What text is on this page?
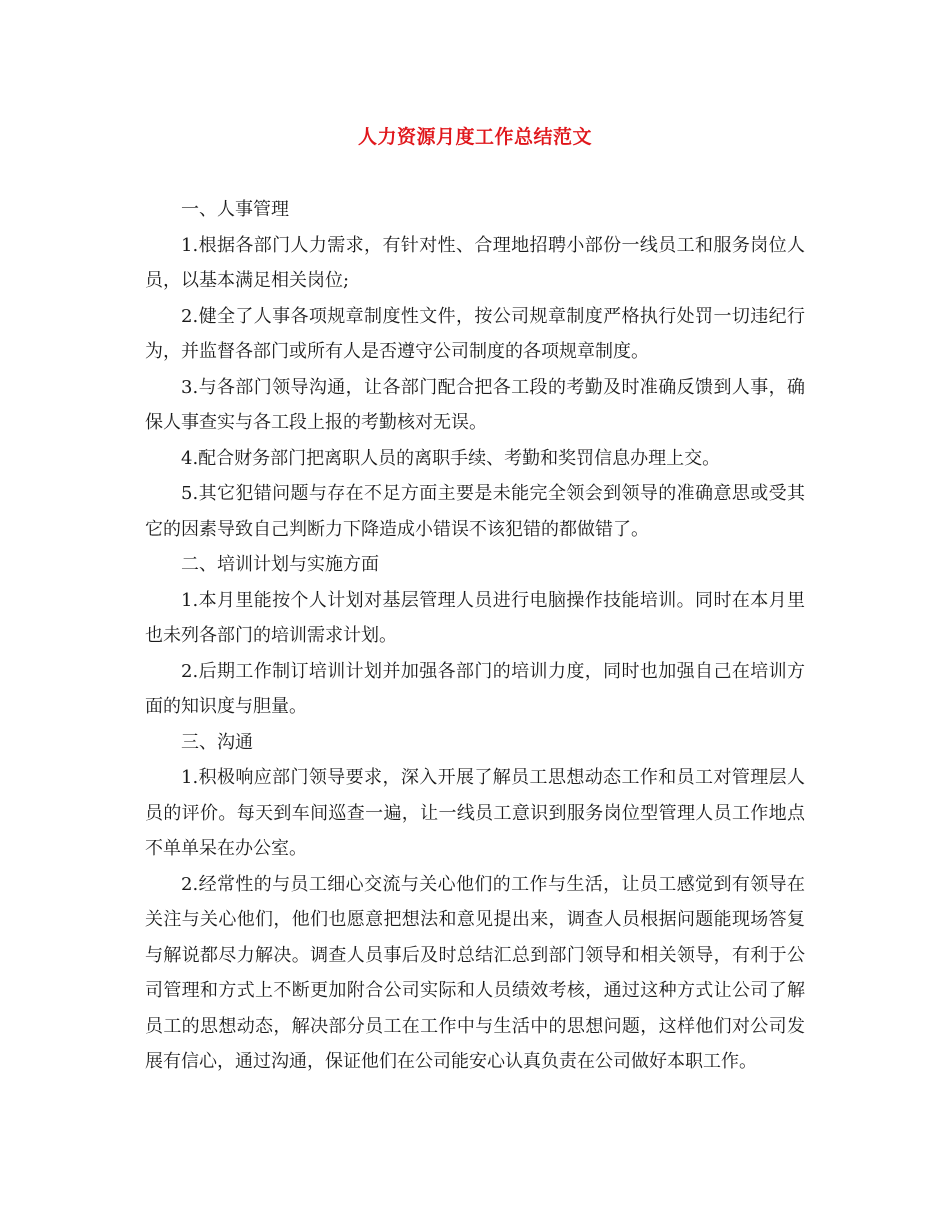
人力资源月度工作总结范文

一、人事管理

1.根据各部门人力需求，有针对性、合理地招聘小部份一线员工和服务岗位人员，以基本满足相关岗位;

2.健全了人事各项规章制度性文件，按公司规章制度严格执行处罚一切违纪行为，并监督各部门或所有人是否遵守公司制度的各项规章制度。

3.与各部门领导沟通，让各部门配合把各工段的考勤及时准确反馈到人事，确保人事查实与各工段上报的考勤核对无误。

4.配合财务部门把离职人员的离职手续、考勤和奖罚信息办理上交。

5.其它犯错问题与存在不足方面主要是未能完全领会到领导的准确意思或受其它的因素导致自己判断力下降造成小错误不该犯错的都做错了。

二、培训计划与实施方面

1.本月里能按个人计划对基层管理人员进行电脑操作技能培训。同时在本月里也未列各部门的培训需求计划。

2.后期工作制订培训计划并加强各部门的培训力度，同时也加强自己在培训方面的知识度与胆量。

三、沟通

1.积极响应部门领导要求，深入开展了解员工思想动态工作和员工对管理层人员的评价。每天到车间巡查一遍，让一线员工意识到服务岗位型管理人员工作地点不单单呆在办公室。

2.经常性的与员工细心交流与关心他们的工作与生活，让员工感觉到有领导在关注与关心他们，他们也愿意把想法和意见提出来，调查人员根据问题能现场答复与解说都尽力解决。调查人员事后及时总结汇总到部门领导和相关领导，有利于公司管理和方式上不断更加附合公司实际和人员绩效考核，通过这种方式让公司了解员工的思想动态，解决部分员工在工作中与生活中的思想问题，这样他们对公司发展有信心，通过沟通，保证他们在公司能安心认真负责在公司做好本职工作。
